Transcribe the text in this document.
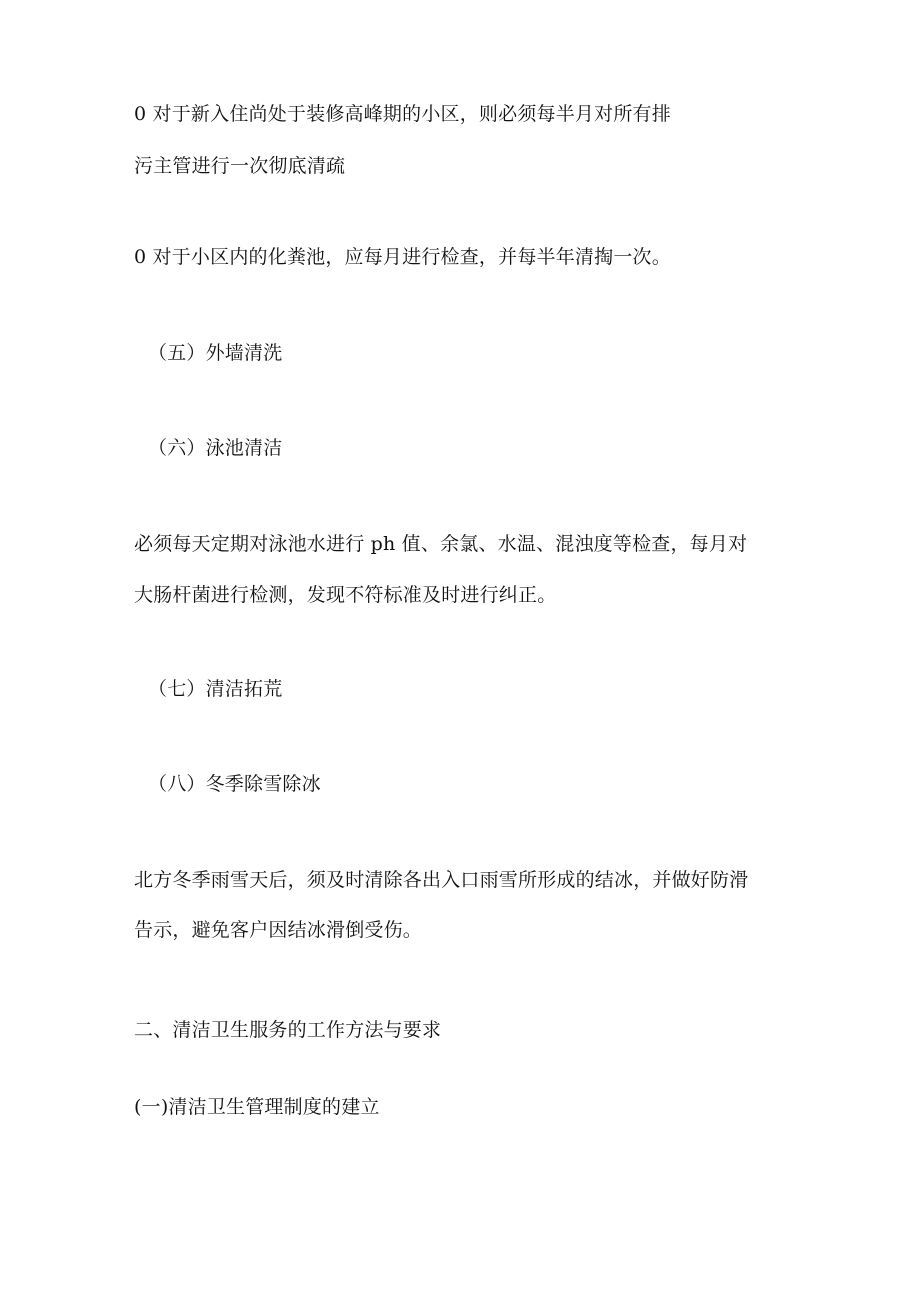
0 对于新入住尚处于装修高峰期的小区，则必须每半月对所有排
污主管进行一次彻底清疏
0 对于小区内的化粪池，应每月进行检查，并每半年清掏一次。
（五）外墙清洗
（六）泳池清洁
必须每天定期对泳池水进行 ph 值、余氯、水温、混浊度等检查，每月对
大肠杆菌进行检测，发现不符标准及时进行纠正。
（七）清洁拓荒
（八）冬季除雪除冰
北方冬季雨雪天后，须及时清除各出入口雨雪所形成的结冰，并做好防滑
告示，避免客户因结冰滑倒受伤。
二、清洁卫生服务的工作方法与要求
(一)清洁卫生管理制度的建立
